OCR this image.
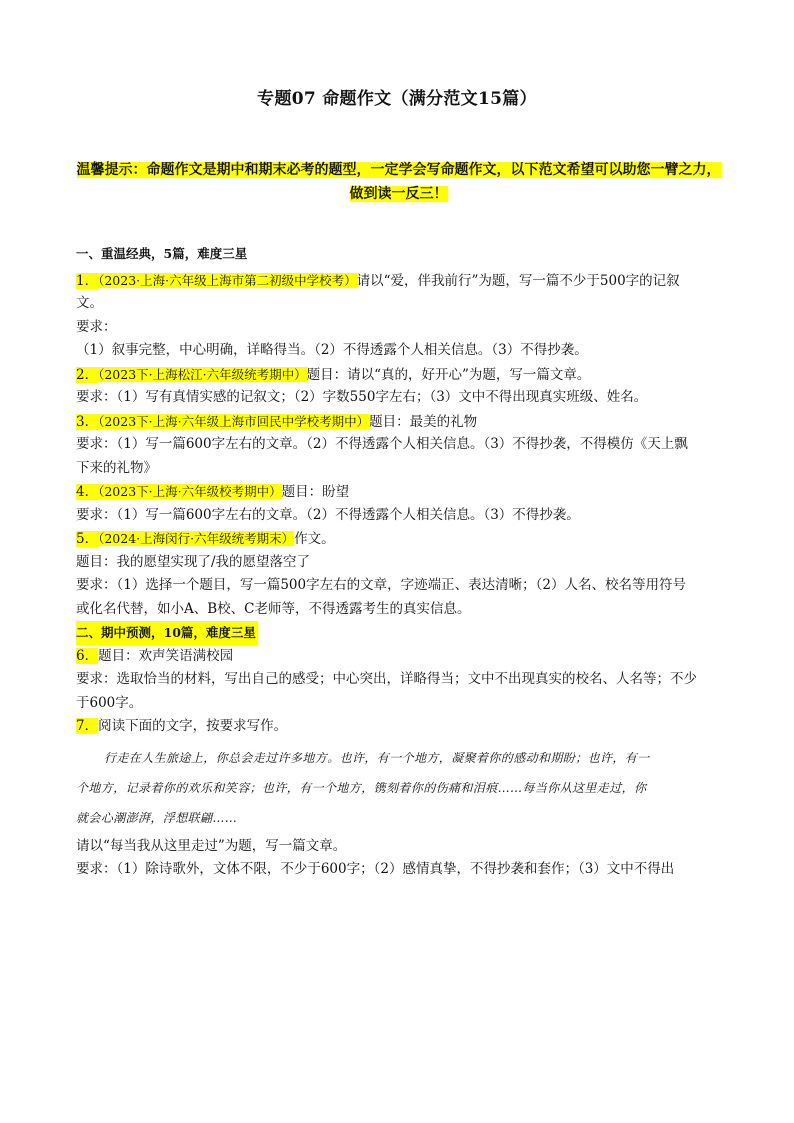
专题07 命题作文（满分范文15篇）
温馨提示：命题作文是期中和期末必考的题型，一定学会写命题作文，以下范文希望可以助您一臂之力，做到读一反三！
一、重温经典，5篇，难度三星
1．（2023·上海·六年级上海市第二初级中学校考）请以“爱，伴我前行”为题，写一篇不少于500字的记叙
文。
要求：
（1）叙事完整，中心明确，详略得当。（2）不得透露个人相关信息。（3）不得抄袭。
2．（2023下·上海松江·六年级统考期中）题目：请以“真的，好开心”为题，写一篇文章。
要求：（1）写有真情实感的记叙文；（2）字数550字左右；（3）文中不得出现真实班级、姓名。
3．（2023下·上海·六年级上海市回民中学校考期中）题目：最美的礼物
要求：（1）写一篇600字左右的文章。（2）不得透露个人相关信息。（3）不得抄袭，不得模仿《天上飘
下来的礼物》
4．（2023下·上海·六年级校考期中）题目：盼望
要求：（1）写一篇600字左右的文章。（2）不得透露个人相关信息。（3）不得抄袭。
5．（2024·上海闵行·六年级统考期末）作文。
题目：我的愿望实现了/我的愿望落空了
要求：（1）选择一个题目，写一篇500字左右的文章，字迹端正、表达清晰；（2）人名、校名等用符号
或化名代替，如小A、B校、C老师等，不得透露考生的真实信息。
二、期中预测，10篇，难度三星
6．题目：欢声笑语满校园
要求：选取恰当的材料，写出自己的感受；中心突出，详略得当；文中不出现真实的校名、人名等；不少
于600字。
7．阅读下面的文字，按要求写作。
行走在人生旅途上，你总会走过许多地方。也许，有一个地方，凝聚着你的感动和期盼；也许，有一
个地方，记录着你的欢乐和笑容；也许，有一个地方，镌刻着你的伤痛和泪痕……每当你从这里走过，你
就会心潮澎湃，浮想联翩……
请以“每当我从这里走过”为题，写一篇文章。
要求：（1）除诗歌外，文体不限，不少于600字；（2）感情真挚，不得抄袭和套作；（3）文中不得出
